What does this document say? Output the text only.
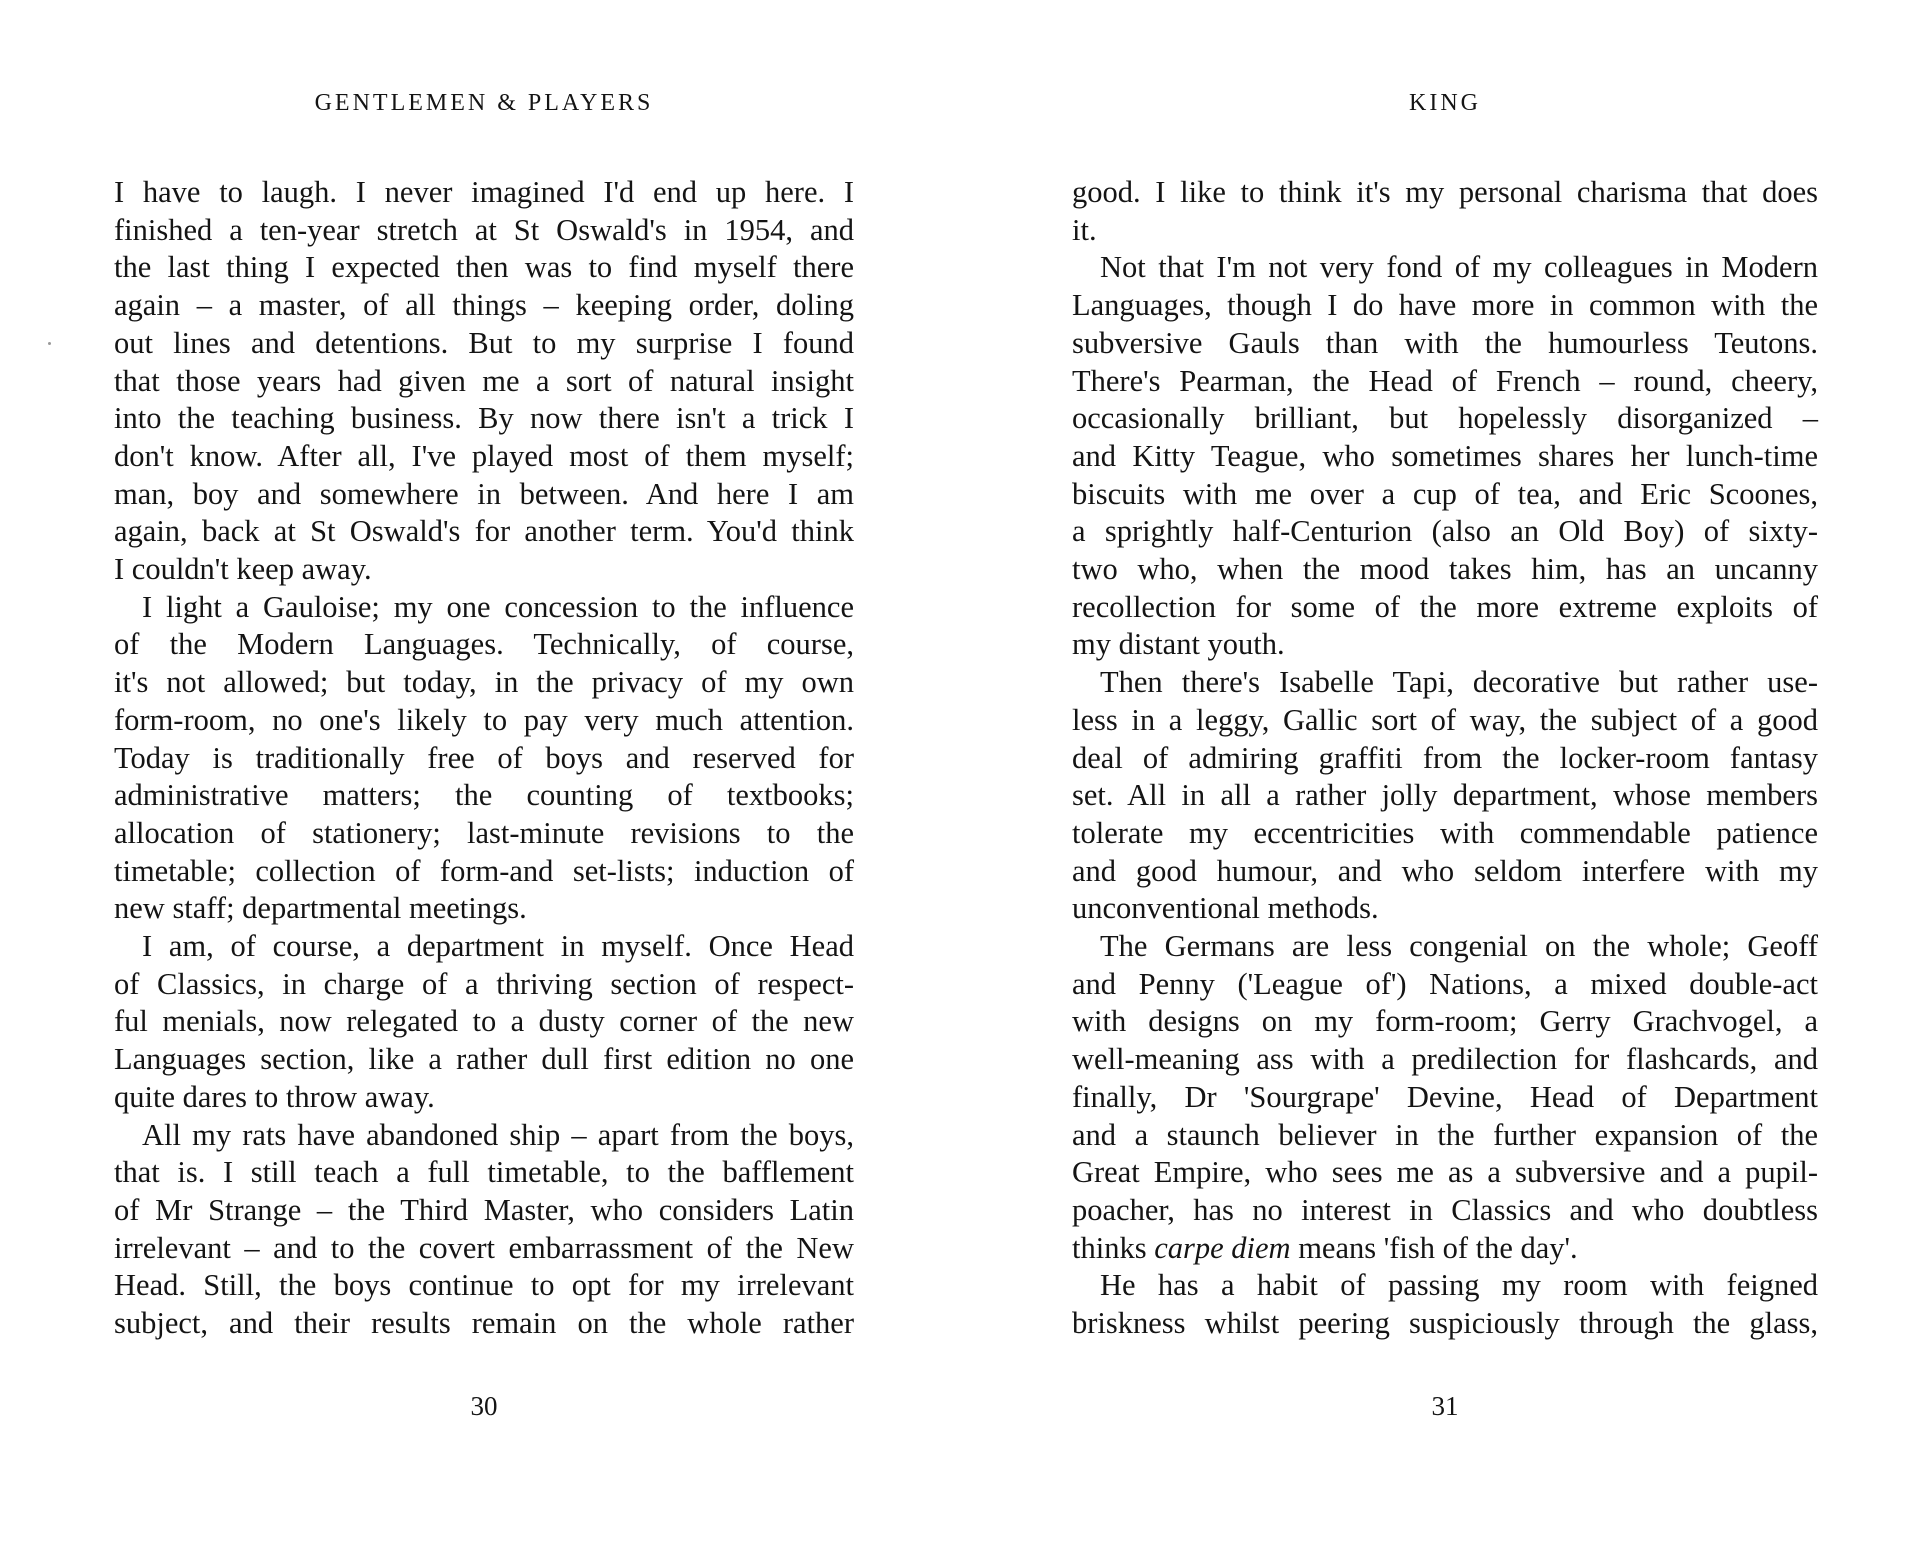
GENTLEMEN & PLAYERS
I have to laugh. I never imagined I'd end up here. I
finished a ten-year stretch at St Oswald's in 1954, and
the last thing I expected then was to find myself there
again – a master, of all things – keeping order, doling
out lines and detentions. But to my surprise I found
that those years had given me a sort of natural insight
into the teaching business. By now there isn't a trick I
don't know. After all, I've played most of them myself;
man, boy and somewhere in between. And here I am
again, back at St Oswald's for another term. You'd think
I couldn't keep away.
I light a Gauloise; my one concession to the influence
of the Modern Languages. Technically, of course,
it's not allowed; but today, in the privacy of my own
form-room, no one's likely to pay very much attention.
Today is traditionally free of boys and reserved for
administrative matters; the counting of textbooks;
allocation of stationery; last-minute revisions to the
timetable; collection of form-and set-lists; induction of
new staff; departmental meetings.
I am, of course, a department in myself. Once Head
of Classics, in charge of a thriving section of respect-
ful menials, now relegated to a dusty corner of the new
Languages section, like a rather dull first edition no one
quite dares to throw away.
All my rats have abandoned ship – apart from the boys,
that is. I still teach a full timetable, to the bafflement
of Mr Strange – the Third Master, who considers Latin
irrelevant – and to the covert embarrassment of the New
Head. Still, the boys continue to opt for my irrelevant
subject, and their results remain on the whole rather
30
KING
good. I like to think it's my personal charisma that does
it.
Not that I'm not very fond of my colleagues in Modern
Languages, though I do have more in common with the
subversive Gauls than with the humourless Teutons.
There's Pearman, the Head of French – round, cheery,
occasionally brilliant, but hopelessly disorganized –
and Kitty Teague, who sometimes shares her lunch-time
biscuits with me over a cup of tea, and Eric Scoones,
a sprightly half-Centurion (also an Old Boy) of sixty-
two who, when the mood takes him, has an uncanny
recollection for some of the more extreme exploits of
my distant youth.
Then there's Isabelle Tapi, decorative but rather use-
less in a leggy, Gallic sort of way, the subject of a good
deal of admiring graffiti from the locker-room fantasy
set. All in all a rather jolly department, whose members
tolerate my eccentricities with commendable patience
and good humour, and who seldom interfere with my
unconventional methods.
The Germans are less congenial on the whole; Geoff
and Penny ('League of') Nations, a mixed double-act
with designs on my form-room; Gerry Grachvogel, a
well-meaning ass with a predilection for flashcards, and
finally, Dr 'Sourgrape' Devine, Head of Department
and a staunch believer in the further expansion of the
Great Empire, who sees me as a subversive and a pupil-
poacher, has no interest in Classics and who doubtless
thinks carpe diem means 'fish of the day'.
He has a habit of passing my room with feigned
briskness whilst peering suspiciously through the glass,
31
